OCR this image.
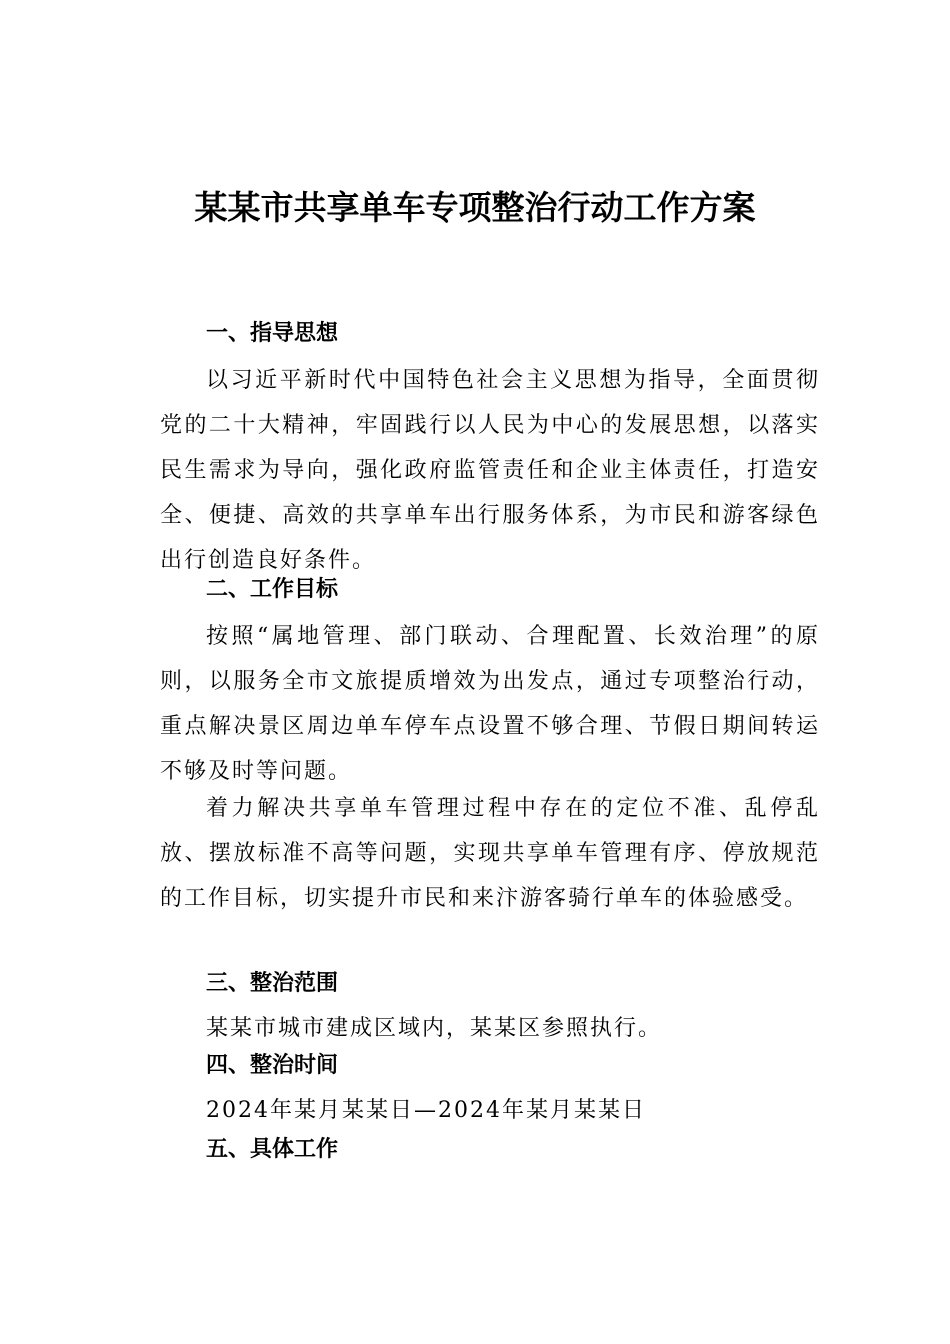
某某市共享单车专项整治行动工作方案
一、指导思想

以习近平新时代中国特色社会主义思想为指导，全面贯彻党的二十大精神，牢固践行以人民为中心的发展思想，以落实民生需求为导向，强化政府监管责任和企业主体责任，打造安全、便捷、高效的共享单车出行服务体系，为市民和游客绿色出行创造良好条件。

二、工作目标

按照“属地管理、部门联动、合理配置、长效治理”的原则，以服务全市文旅提质增效为出发点，通过专项整治行动，重点解决景区周边单车停车点设置不够合理、节假日期间转运不够及时等问题。

着力解决共享单车管理过程中存在的定位不准、乱停乱放、摆放标准不高等问题，实现共享单车管理有序、停放规范的工作目标，切实提升市民和来汴游客骑行单车的体验感受。

三、整治范围

某某市城市建成区域内，某某区参照执行。

四、整治时间

2024年某月某某日—2024年某月某某日

五、具体工作
